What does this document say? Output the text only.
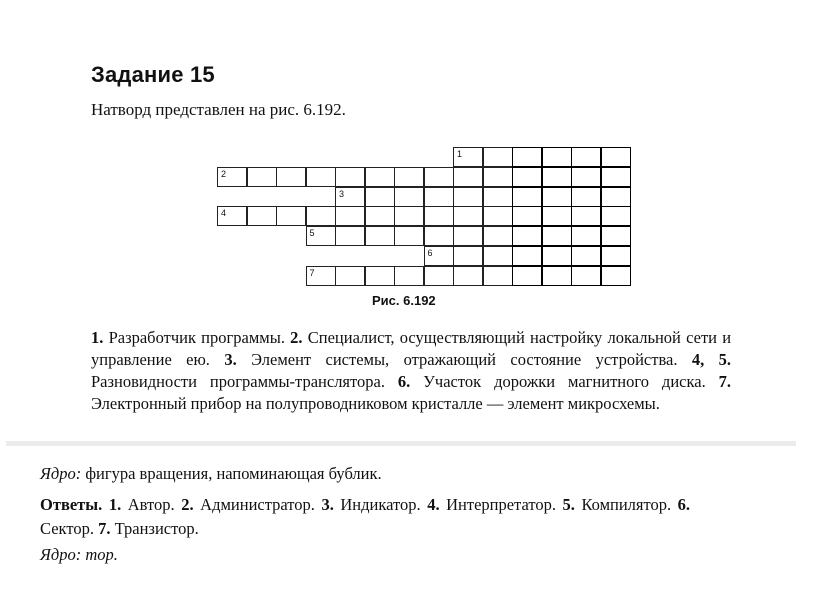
Задание 15
Натворд представлен на рис. 6.192.
1
2
3
4
5
6
7
Рис. 6.192
1. Разработчик программы. 2. Специалист, осуществляющий настройку локальной сети и управление ею. 3. Элемент системы, отражающий состояние устройства. 4, 5. Разновидности программы-транслятора. 6. Участок дорожки магнитного диска. 7. Электронный прибор на полупроводниковом кристалле — элемент микросхемы.
Ядро: фигура вращения, напоминающая бублик.
Ответы. 1. Автор. 2. Администратор. 3. Индикатор. 4. Интерпретатор. 5. Компилятор. 6. Сектор. 7. Транзистор.
Ядро: тор.
